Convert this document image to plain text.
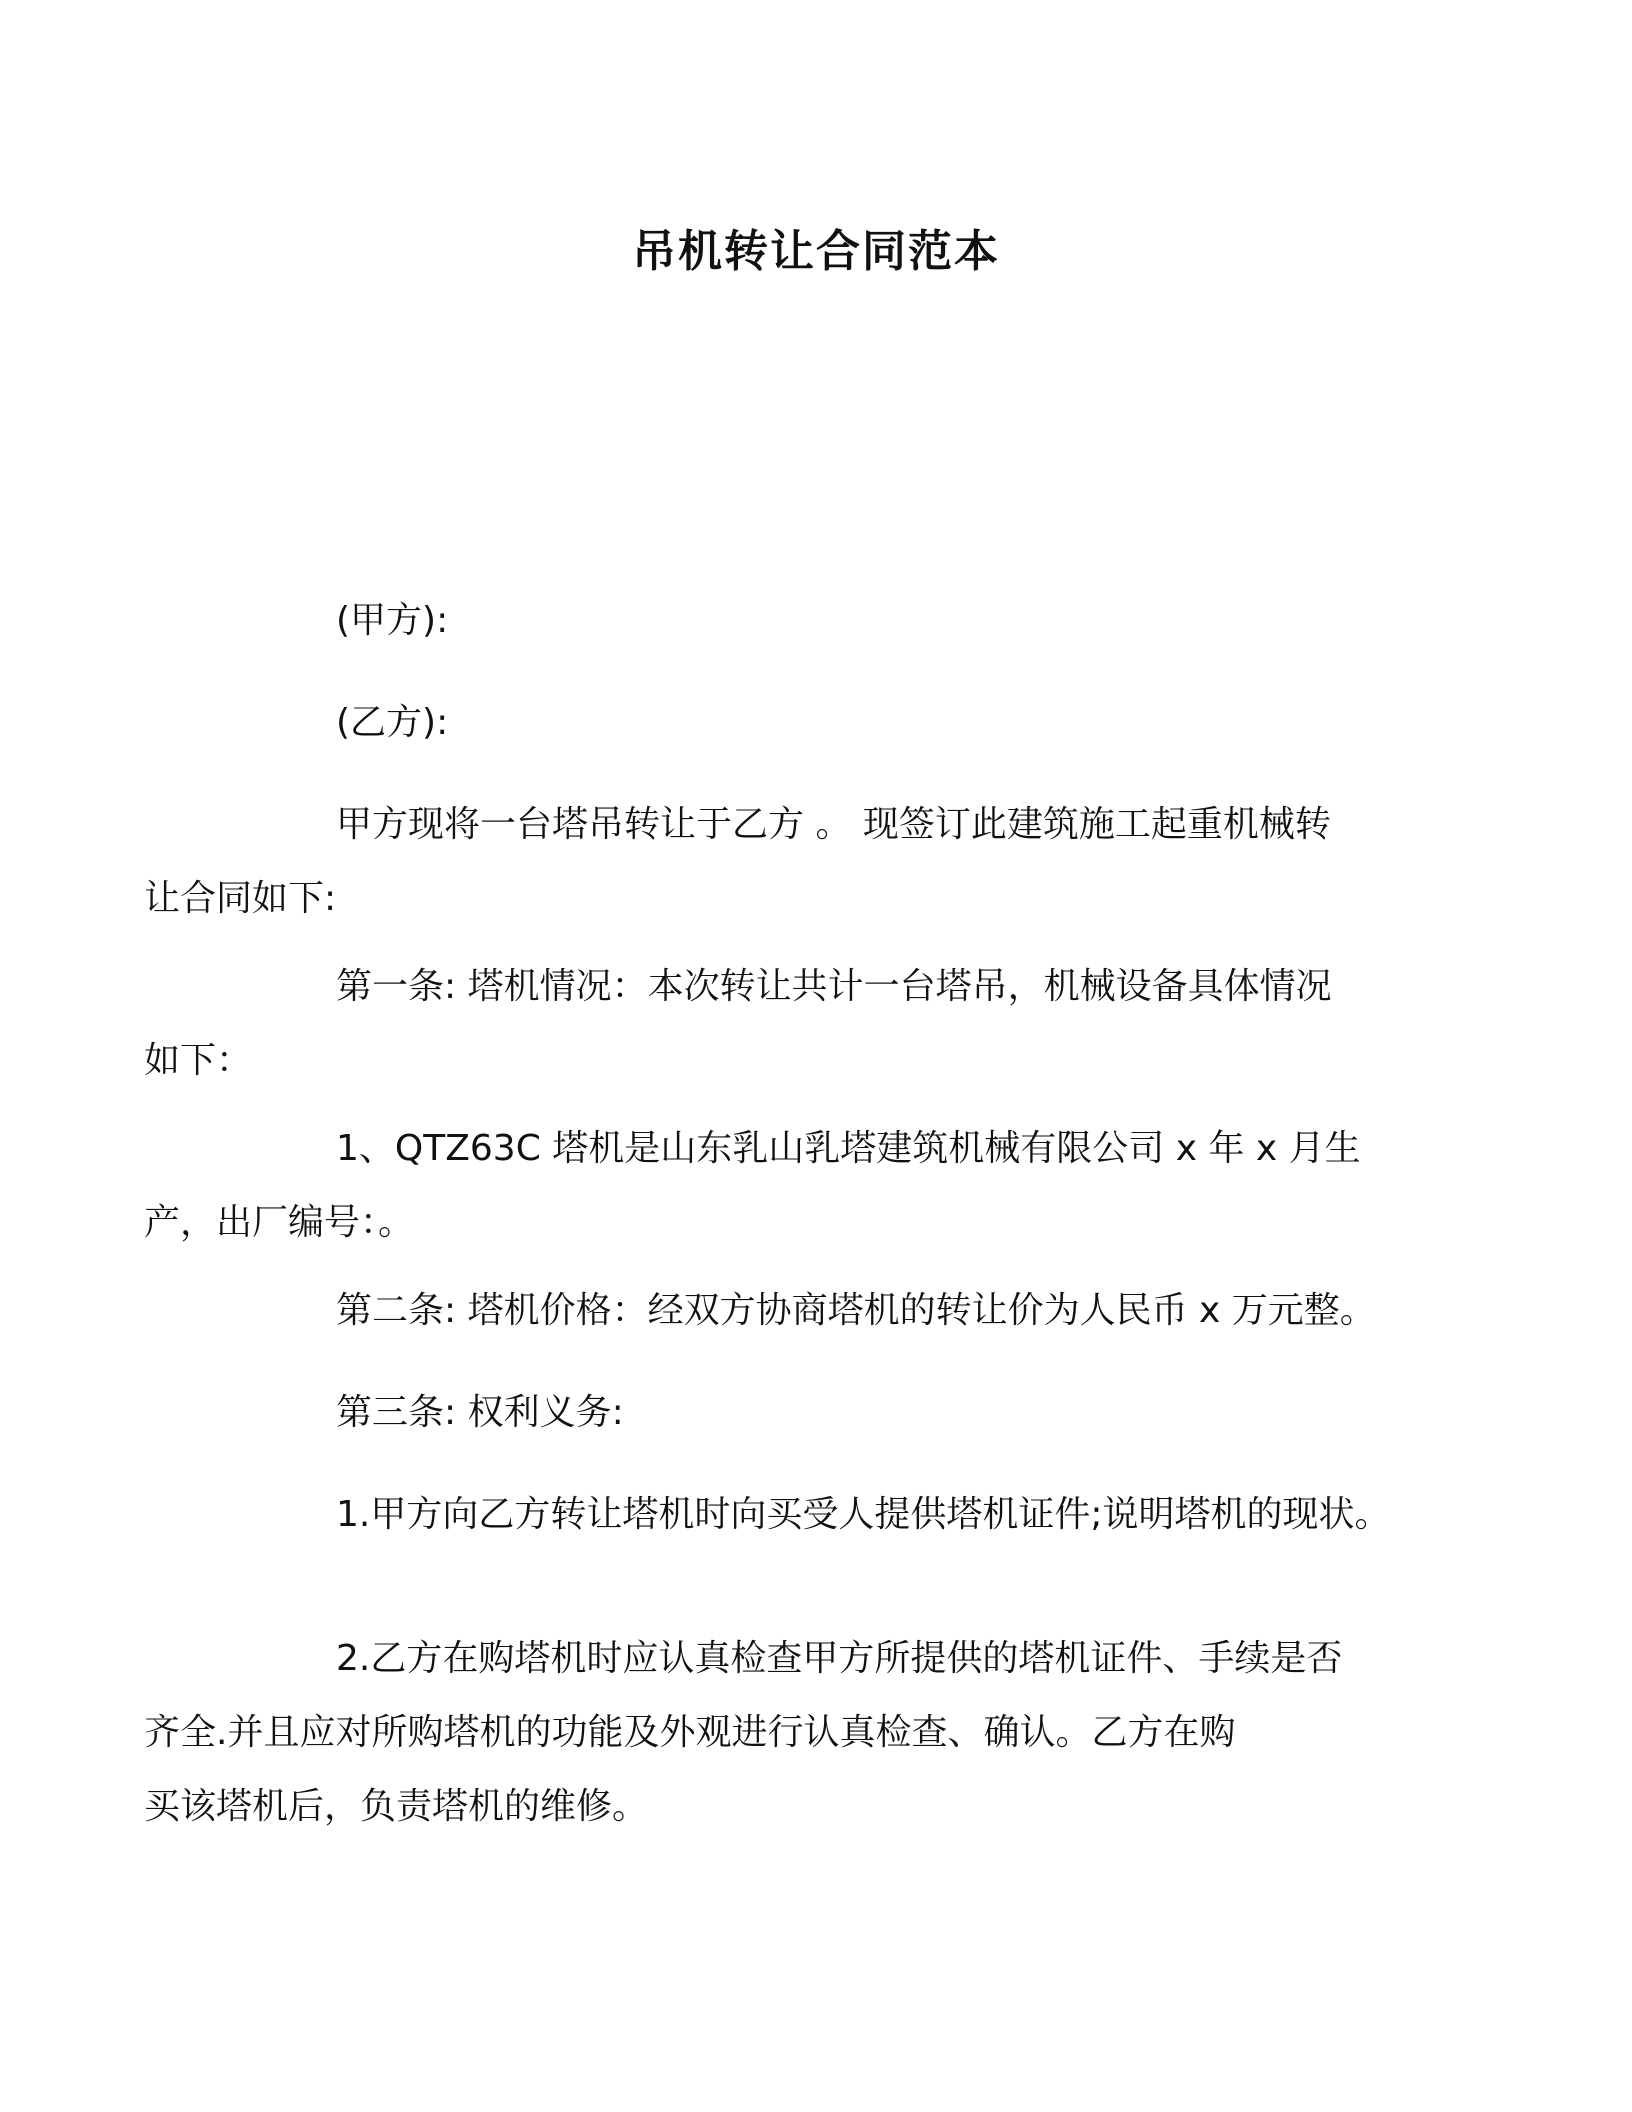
吊机转让合同范本
(甲方):
(乙方):
甲方现将一台塔吊转让于乙方 。 现签订此建筑施工起重机械转
让合同如下:
第一条: 塔机情况：本次转让共计一台塔吊，机械设备具体情况
如下：
1、QTZ63C 塔机是山东乳山乳塔建筑机械有限公司 x 年 x 月生
产，出厂编号：。
第二条: 塔机价格：经双方协商塔机的转让价为人民币 x 万元整。
第三条: 权利义务:
1.甲方向乙方转让塔机时向买受人提供塔机证件;说明塔机的现状。
2.乙方在购塔机时应认真检查甲方所提供的塔机证件、手续是否
齐全.并且应对所购塔机的功能及外观进行认真检查、确认。乙方在购
买该塔机后，负责塔机的维修。
